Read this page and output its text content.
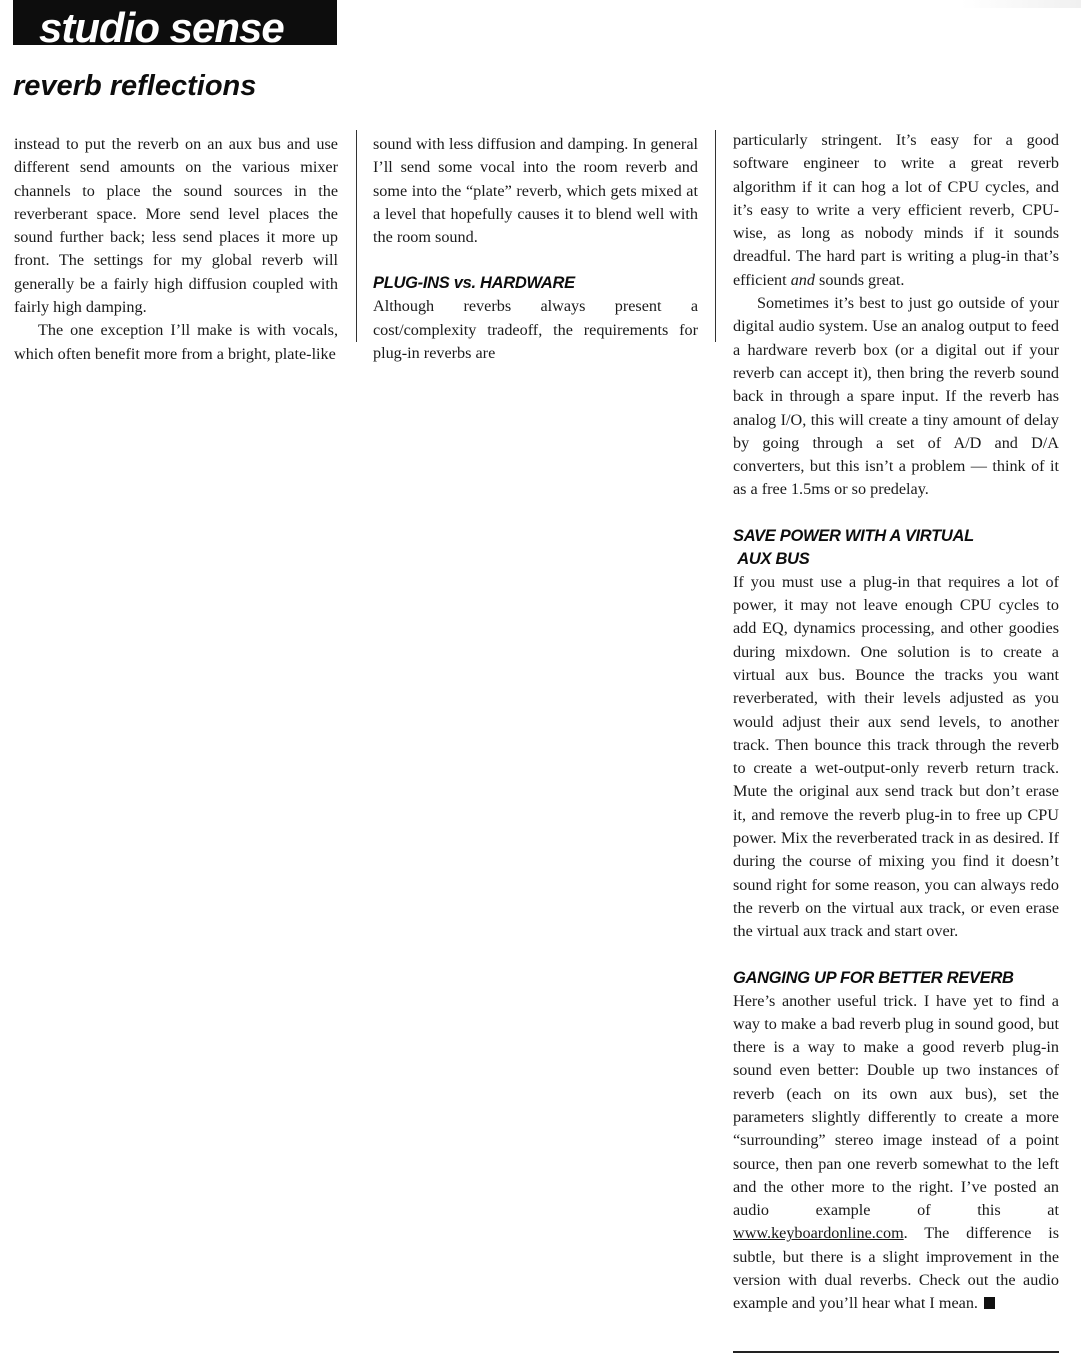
studio sense
reverb reflections

instead to put the reverb on an aux bus and use different send amounts on the various mixer channels to place the sound sources in the reverberant space. More send level places the sound further back; less send places it more up front. The settings for my global reverb will generally be a fairly high diffusion coupled with fairly high damping.

The one exception I’ll make is with vocals, which often benefit more from a bright, plate-like

sound with less diffusion and damping. In general I’ll send some vocal into the room reverb and some into the “plate” reverb, which gets mixed at a level that hopefully causes it to blend well with the room sound.

PLUG-INS vs. HARDWARE

Although reverbs always present a cost/complexity tradeoff, the requirements for plug-in reverbs are

particularly stringent. It’s easy for a good software engineer to write a great reverb algorithm if it can hog a lot of CPU cycles, and it’s easy to write a very efficient reverb, CPU-wise, as long as nobody minds if it sounds dreadful. The hard part is writing a plug-in that’s efficient and sounds great.

Sometimes it’s best to just go outside of your digital audio system. Use an analog output to feed a hardware reverb box (or a digital out if your reverb can accept it), then bring the reverb sound back in through a spare input. If the reverb has analog I/O, this will create a tiny amount of delay by going through a set of A/D and D/A converters, but this isn’t a problem — think of it as a free 1.5ms or so predelay.

SAVE POWER WITH A VIRTUAL
AUX BUS

If you must use a plug-in that requires a lot of power, it may not leave enough CPU cycles to add EQ, dynamics processing, and other goodies during mixdown. One solution is to create a virtual aux bus. Bounce the tracks you want reverberated, with their levels adjusted as you would adjust their aux send levels, to another track. Then bounce this track through the reverb to create a wet-output-only reverb return track. Mute the original aux send track but don’t erase it, and remove the reverb plug-in to free up CPU power. Mix the reverberated track in as desired. If during the course of mixing you find it doesn’t sound right for some reason, you can always redo the reverb on the virtual aux track, or even erase the virtual aux track and start over.

GANGING UP FOR BETTER REVERB

Here’s another useful trick. I have yet to find a way to make a bad reverb plug in sound good, but there is a way to make a good reverb plug-in sound even better: Double up two instances of reverb (each on its own aux bus), set the parameters slightly differently to create a more “surrounding” stereo image instead of a point source, then pan one reverb somewhat to the left and the other more to the right. I’ve posted an audio example of this at www.keyboardonline.com. The difference is subtle, but there is a slight improvement in the version with dual reverbs. Check out the audio example and you’ll hear what I mean.
